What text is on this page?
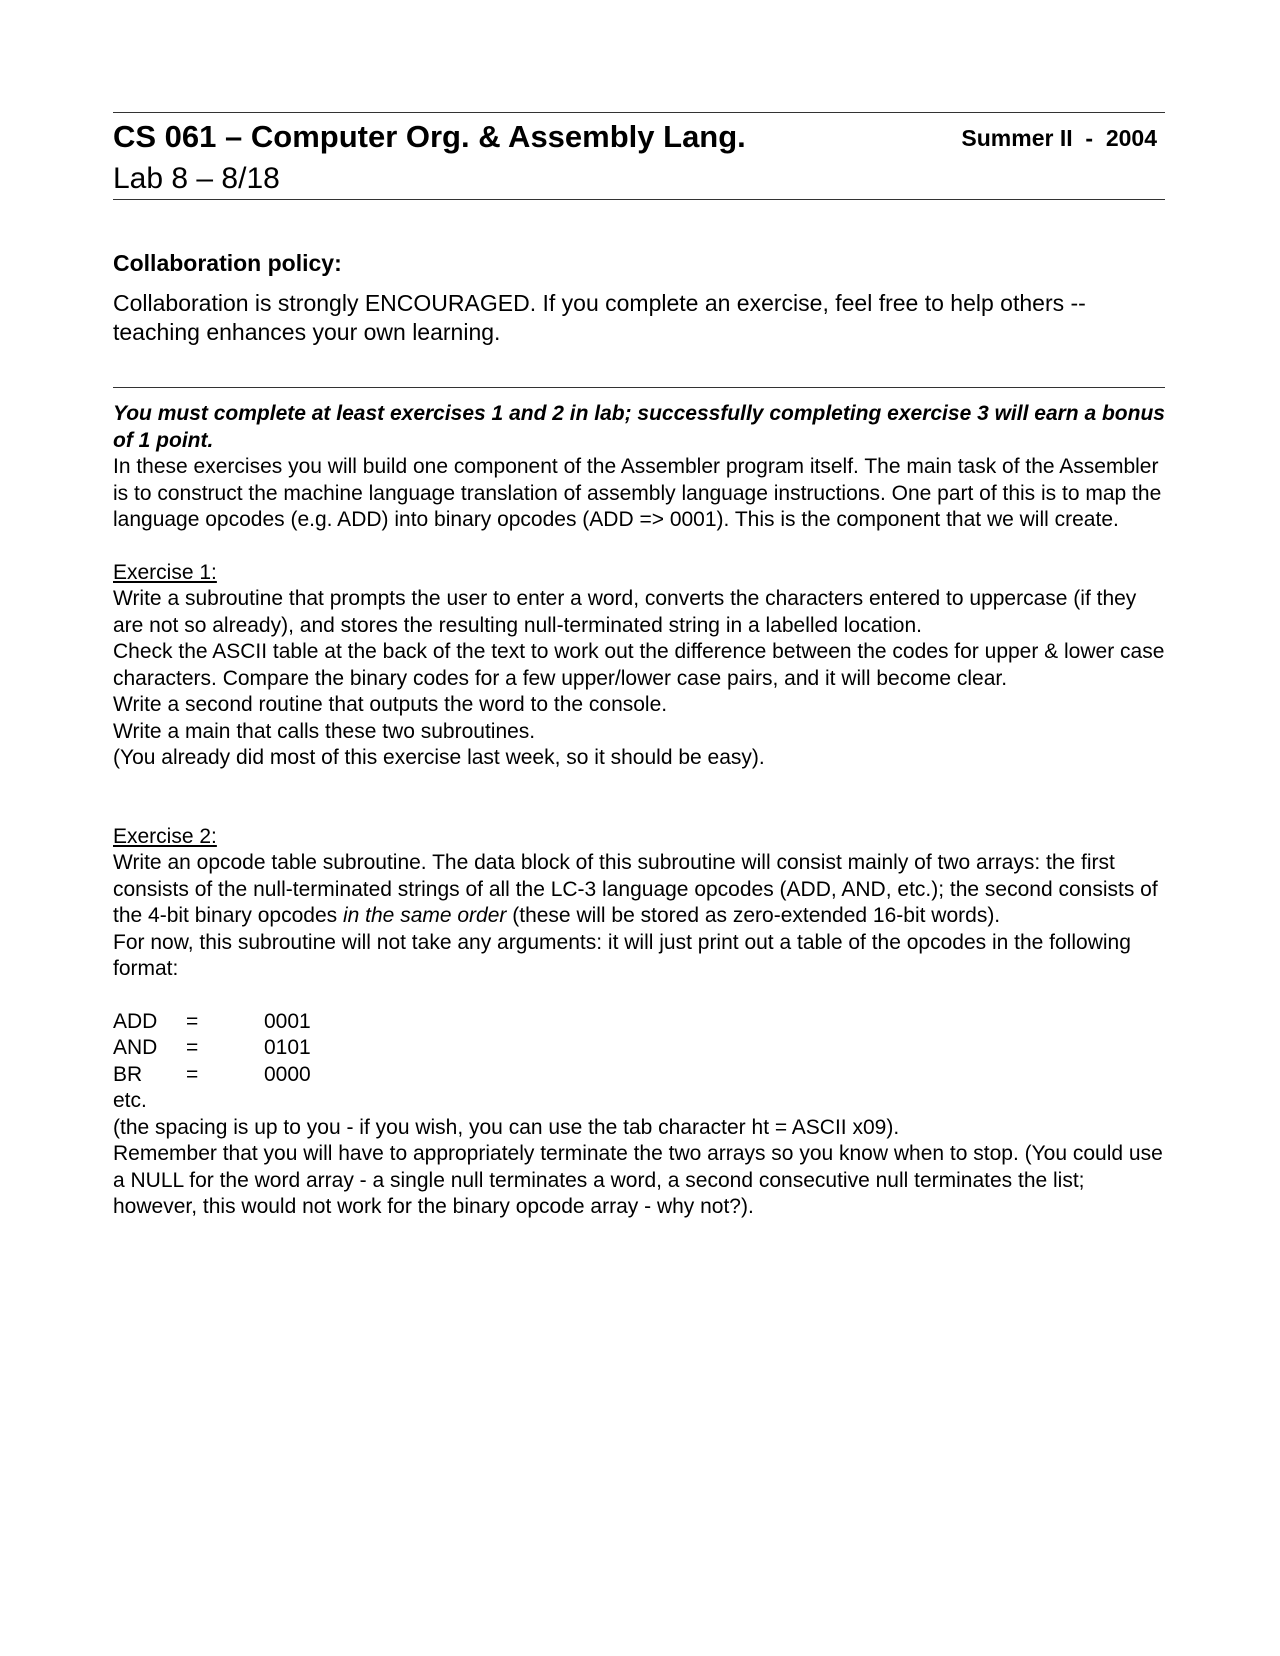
CS 061 – Computer Org. & Assembly Lang.	Summer II  -  2004
Lab 8 – 8/18
Collaboration policy:
Collaboration is strongly ENCOURAGED. If you complete an exercise, feel free to help others -- teaching enhances your own learning.
You must complete at least exercises 1 and 2 in lab; successfully completing exercise 3 will earn a bonus of 1 point.

In these exercises you will build one component of the Assembler program itself. The main task of the Assembler is to construct the machine language translation of assembly language instructions. One part of this is to map the language opcodes (e.g. ADD) into binary opcodes (ADD => 0001). This is the component that we will create.

Exercise 1:

Write a subroutine that prompts the user to enter a word, converts the characters entered to uppercase (if they are not so already), and stores the resulting null-terminated string in a labelled location.

Check the ASCII table at the back of the text to work out the difference between the codes for upper & lower case characters. Compare the binary codes for a few upper/lower case pairs, and it will become clear.

Write a second routine that outputs the word to the console.

Write a main that calls these two subroutines.

(You already did most of this exercise last week, so it should be easy).

Exercise 2:

Write an opcode table subroutine. The data block of this subroutine will consist mainly of two arrays: the first consists of the null-terminated strings of all the LC-3 language opcodes (ADD, AND, etc.); the second consists of the 4-bit binary opcodes in the same order (these will be stored as zero-extended 16-bit words).

For now, this subroutine will not take any arguments: it will just print out a table of the opcodes in the following format:

ADD	=	0001
AND	=	0101
BR	=	0000

etc.

(the spacing is up to you - if you wish, you can use the tab character ht = ASCII x09).

Remember that you will have to appropriately terminate the two arrays so you know when to stop. (You could use a NULL for the word array - a single null terminates a word, a second consecutive null terminates the list; however, this would not work for the binary opcode array - why not?).
